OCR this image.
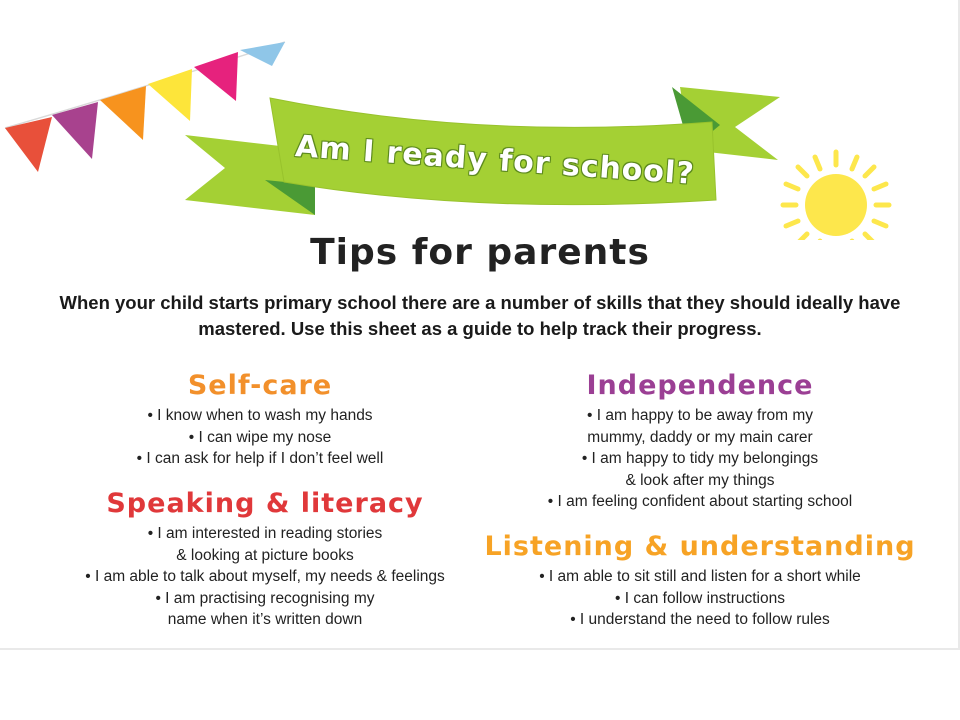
Am I ready for school?
Tips for parents
When your child starts primary school there are a number of skills that they should ideally have mastered. Use this sheet as a guide to help track their progress.
Self-care
• I know when to wash my hands
• I can wipe my nose
• I can ask for help if I don’t feel well
Speaking & literacy
• I am interested in reading stories
& looking at picture books
• I am able to talk about myself, my needs & feelings
• I am practising recognising my
name when it’s written down
Independence
• I am happy to be away from my
mummy, daddy or my main carer
• I am happy to tidy my belongings
& look after my things
• I am feeling confident about starting school
Listening & understanding
• I am able to sit still and listen for a short while
• I can follow instructions
• I understand the need to follow rules
